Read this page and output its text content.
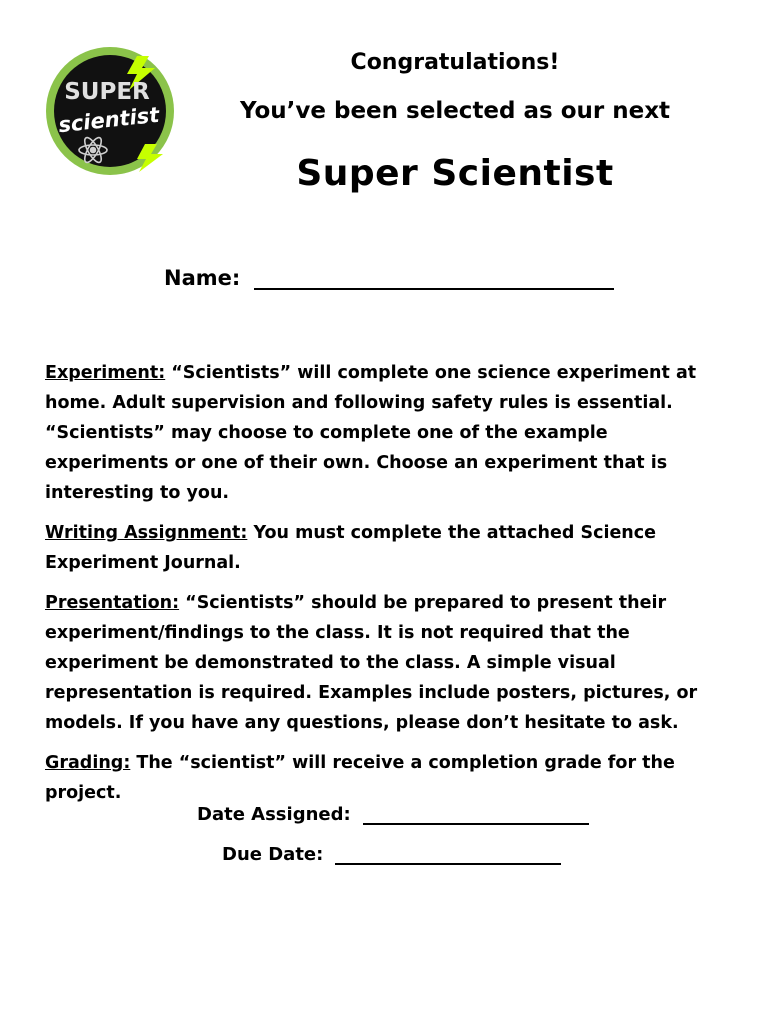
SUPER
scientist
Congratulations!
You’ve been selected as our next
Super Scientist
Name:

Experiment: “Scientists” will complete one science experiment at home. Adult supervision and following safety rules is essential. “Scientists” may choose to complete one of the example experiments or one of their own. Choose an experiment that is interesting to you.

Writing Assignment: You must complete the attached Science Experiment Journal.

Presentation: “Scientists” should be prepared to present their experiment/findings to the class. It is not required that the experiment be demonstrated to the class. A simple visual representation is required. Examples include posters, pictures, or models. If you have any questions, please don’t hesitate to ask.

Grading: The “scientist” will receive a completion grade for the project.

Date Assigned:
Due Date:
